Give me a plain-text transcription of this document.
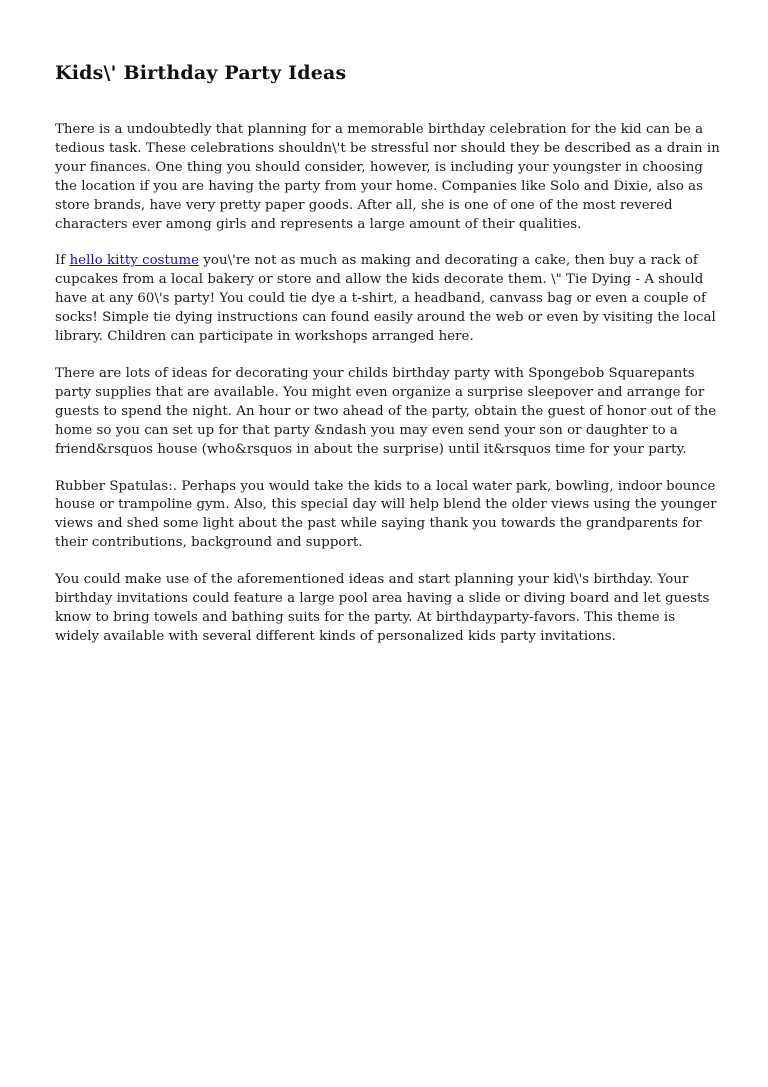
Kids\' Birthday Party Ideas

There is a undoubtedly that planning for a memorable birthday celebration for the kid can be a tedious task. These celebrations shouldn\'t be stressful nor should they be described as a drain in your finances. One thing you should consider, however, is including your youngster in choosing the location if you are having the party from your home. Companies like Solo and Dixie, also as store brands, have very pretty paper goods. After all, she is one of one of the most revered characters ever among girls and represents a large amount of their qualities.

If hello kitty costume you\'re not as much as making and decorating a cake, then buy a rack of cupcakes from a local bakery or store and allow the kids decorate them. \" Tie Dying - A should have at any 60\'s party! You could tie dye a t-shirt, a headband, canvass bag or even a couple of socks! Simple tie dying instructions can found easily around the web or even by visiting the local library. Children can participate in workshops arranged here.

There are lots of ideas for decorating your childs birthday party with Spongebob Squarepants party supplies that are available. You might even organize a surprise sleepover and arrange for guests to spend the night. An hour or two ahead of the party, obtain the guest of honor out of the home so you can set up for that party &ndash you may even send your son or daughter to a friend&rsquos house (who&rsquos in about the surprise) until it&rsquos time for your party.

Rubber Spatulas:. Perhaps you would take the kids to a local water park, bowling, indoor bounce house or trampoline gym. Also, this special day will help blend the older views using the younger views and shed some light about the past while saying thank you towards the grandparents for their contributions, background and support.

You could make use of the aforementioned ideas and start planning your kid\'s birthday. Your birthday invitations could feature a large pool area having a slide or diving board and let guests know to bring towels and bathing suits for the party. At birthdayparty-favors. This theme is widely available with several different kinds of personalized kids party invitations.
